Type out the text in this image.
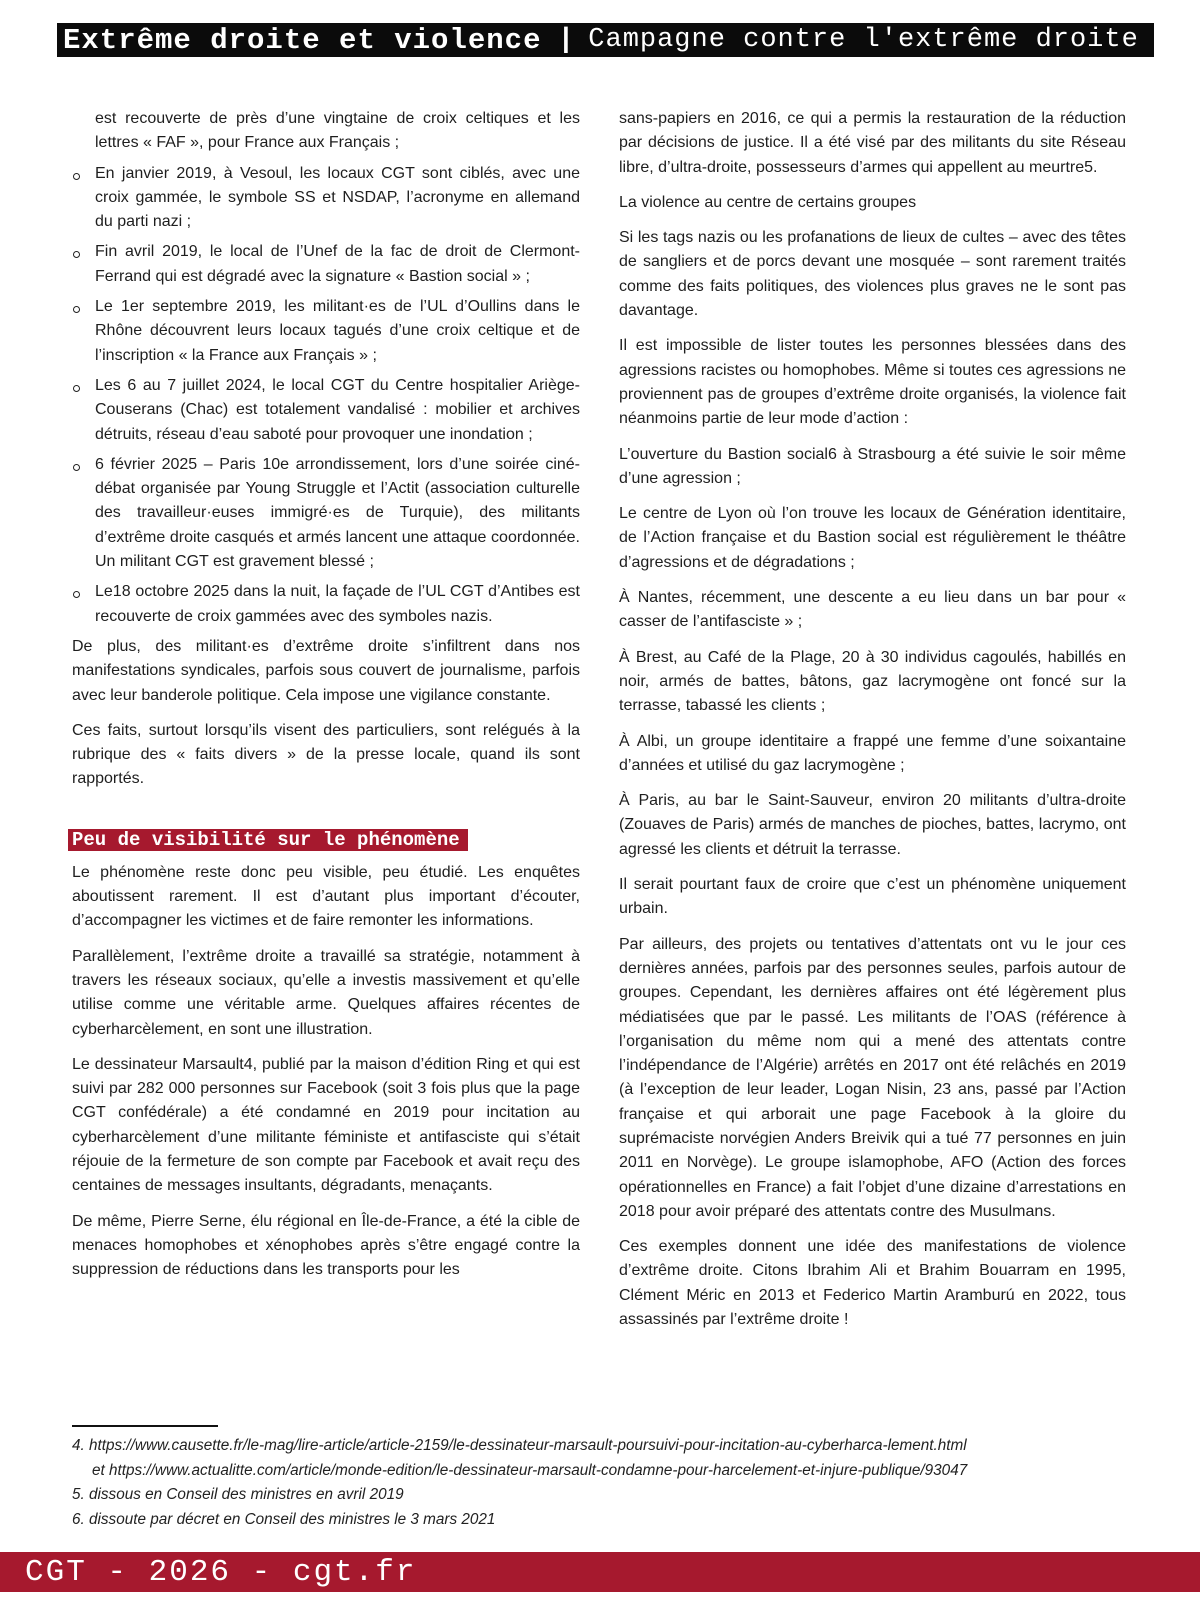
Extrême droite et violence | Campagne contre l'extrême droite
est recouverte de près d’une vingtaine de croix celtiques et les lettres « FAF », pour France aux Français ;
En janvier 2019, à Vesoul, les locaux CGT sont ciblés, avec une croix gammée, le symbole SS et NSDAP, l’acronyme en allemand du parti nazi ;
Fin avril 2019, le local de l’Unef de la fac de droit de Clermont-Ferrand qui est dégradé avec la signature « Bastion social » ;
Le 1er septembre 2019, les militant·es de l’UL d’Oullins dans le Rhône découvrent leurs locaux tagués d’une croix celtique et de l’inscription « la France aux Français » ;
Les 6 au 7 juillet 2024, le local CGT du Centre hospitalier Ariège-Couserans (Chac) est totalement vandalisé : mobilier et archives détruits, réseau d’eau saboté pour provoquer une inondation ;
6 février 2025 – Paris 10e arrondissement, lors d’une soirée ciné-débat organisée par Young Struggle et l’Actit (association culturelle des travailleur·euses immigré·es de Turquie), des militants d’extrême droite casqués et armés lancent une attaque coordonnée. Un militant CGT est gravement blessé ;
Le18 octobre 2025 dans la nuit, la façade de l’UL CGT d’Antibes est recouverte de croix gammées avec des symboles nazis.

De plus, des militant·es d’extrême droite s’infiltrent dans nos manifestations syndicales, parfois sous couvert de journalisme, parfois avec leur banderole politique. Cela impose une vigilance constante.

Ces faits, surtout lorsqu’ils visent des particuliers, sont relégués à la rubrique des « faits divers » de la presse locale, quand ils sont rapportés.

Peu de visibilité sur le phénomène

Le phénomène reste donc peu visible, peu étudié. Les enquêtes aboutissent rarement. Il est d’autant plus important d’écouter, d’accompagner les victimes et de faire remonter les informations.

Parallèlement, l’extrême droite a travaillé sa stratégie, notamment à travers les réseaux sociaux, qu’elle a investis massivement et qu’elle utilise comme une véritable arme. Quelques affaires récentes de cyberharcèlement, en sont une illustration.

Le dessinateur Marsault4, publié par la maison d’édition Ring et qui est suivi par 282 000 personnes sur Facebook (soit 3 fois plus que la page CGT confédérale) a été condamné en 2019 pour incitation au cyberharcèlement d’une militante féministe et antifasciste qui s’était réjouie de la fermeture de son compte par Facebook et avait reçu des centaines de messages insultants, dégradants, menaçants.

De même, Pierre Serne, élu régional en Île-de-France, a été la cible de menaces homophobes et xénophobes après s’être engagé contre la suppression de réductions dans les transports pour les

sans-papiers en 2016, ce qui a permis la restauration de la réduction par décisions de justice. Il a été visé par des militants du site Réseau libre, d’ultra-droite, possesseurs d’armes qui appellent au meurtre5.

La violence au centre de certains groupes

Si les tags nazis ou les profanations de lieux de cultes – avec des têtes de sangliers et de porcs devant une mosquée – sont rarement traités comme des faits politiques, des violences plus graves ne le sont pas davantage.

Il est impossible de lister toutes les personnes blessées dans des agressions racistes ou homophobes. Même si toutes ces agressions ne proviennent pas de groupes d’extrême droite organisés, la violence fait néanmoins partie de leur mode d’action :

L’ouverture du Bastion social6 à Strasbourg a été suivie le soir même d’une agression ;

Le centre de Lyon où l’on trouve les locaux de Génération identitaire, de l’Action française et du Bastion social est régulièrement le théâtre d’agressions et de dégradations ;

À Nantes, récemment, une descente a eu lieu dans un bar pour « casser de l’antifasciste » ;

À Brest, au Café de la Plage, 20 à 30 individus cagoulés, habillés en noir, armés de battes, bâtons, gaz lacrymogène ont foncé sur la terrasse, tabassé les clients ;

À Albi, un groupe identitaire a frappé une femme d’une soixantaine d’années et utilisé du gaz lacrymogène ;

À Paris, au bar le Saint-Sauveur, environ 20 militants d’ultra-droite (Zouaves de Paris) armés de manches de pioches, battes, lacrymo, ont agressé les clients et détruit la terrasse.

Il serait pourtant faux de croire que c’est un phénomène uniquement urbain.

Par ailleurs, des projets ou tentatives d’attentats ont vu le jour ces dernières années, parfois par des personnes seules, parfois autour de groupes. Cependant, les dernières affaires ont été légèrement plus médiatisées que par le passé. Les militants de l’OAS (référence à l’organisation du même nom qui a mené des attentats contre l’indépendance de l’Algérie) arrêtés en 2017 ont été relâchés en 2019 (à l’exception de leur leader, Logan Nisin, 23 ans, passé par l’Action française et qui arborait une page Facebook à la gloire du suprémaciste norvégien Anders Breivik qui a tué 77 personnes en juin 2011 en Norvège). Le groupe islamophobe, AFO (Action des forces opérationnelles en France) a fait l’objet d’une dizaine d’arrestations en 2018 pour avoir préparé des attentats contre des Musulmans.

Ces exemples donnent une idée des manifestations de violence d’extrême droite. Citons Ibrahim Ali et Brahim Bouarram en 1995, Clément Méric en 2013 et Federico Martin Aramburú en 2022, tous assassinés par l’extrême droite !

4. https://www.causette.fr/le-mag/lire-article/article-2159/le-dessinateur-marsault-poursuivi-pour-incitation-au-cyberharca-lement.html
et https://www.actualitte.com/article/monde-edition/le-dessinateur-marsault-condamne-pour-harcelement-et-injure-publique/93047
5. dissous en Conseil des ministres en avril 2019
6. dissoute par décret en Conseil des ministres le 3 mars 2021
CGT - 2026 - cgt.fr
